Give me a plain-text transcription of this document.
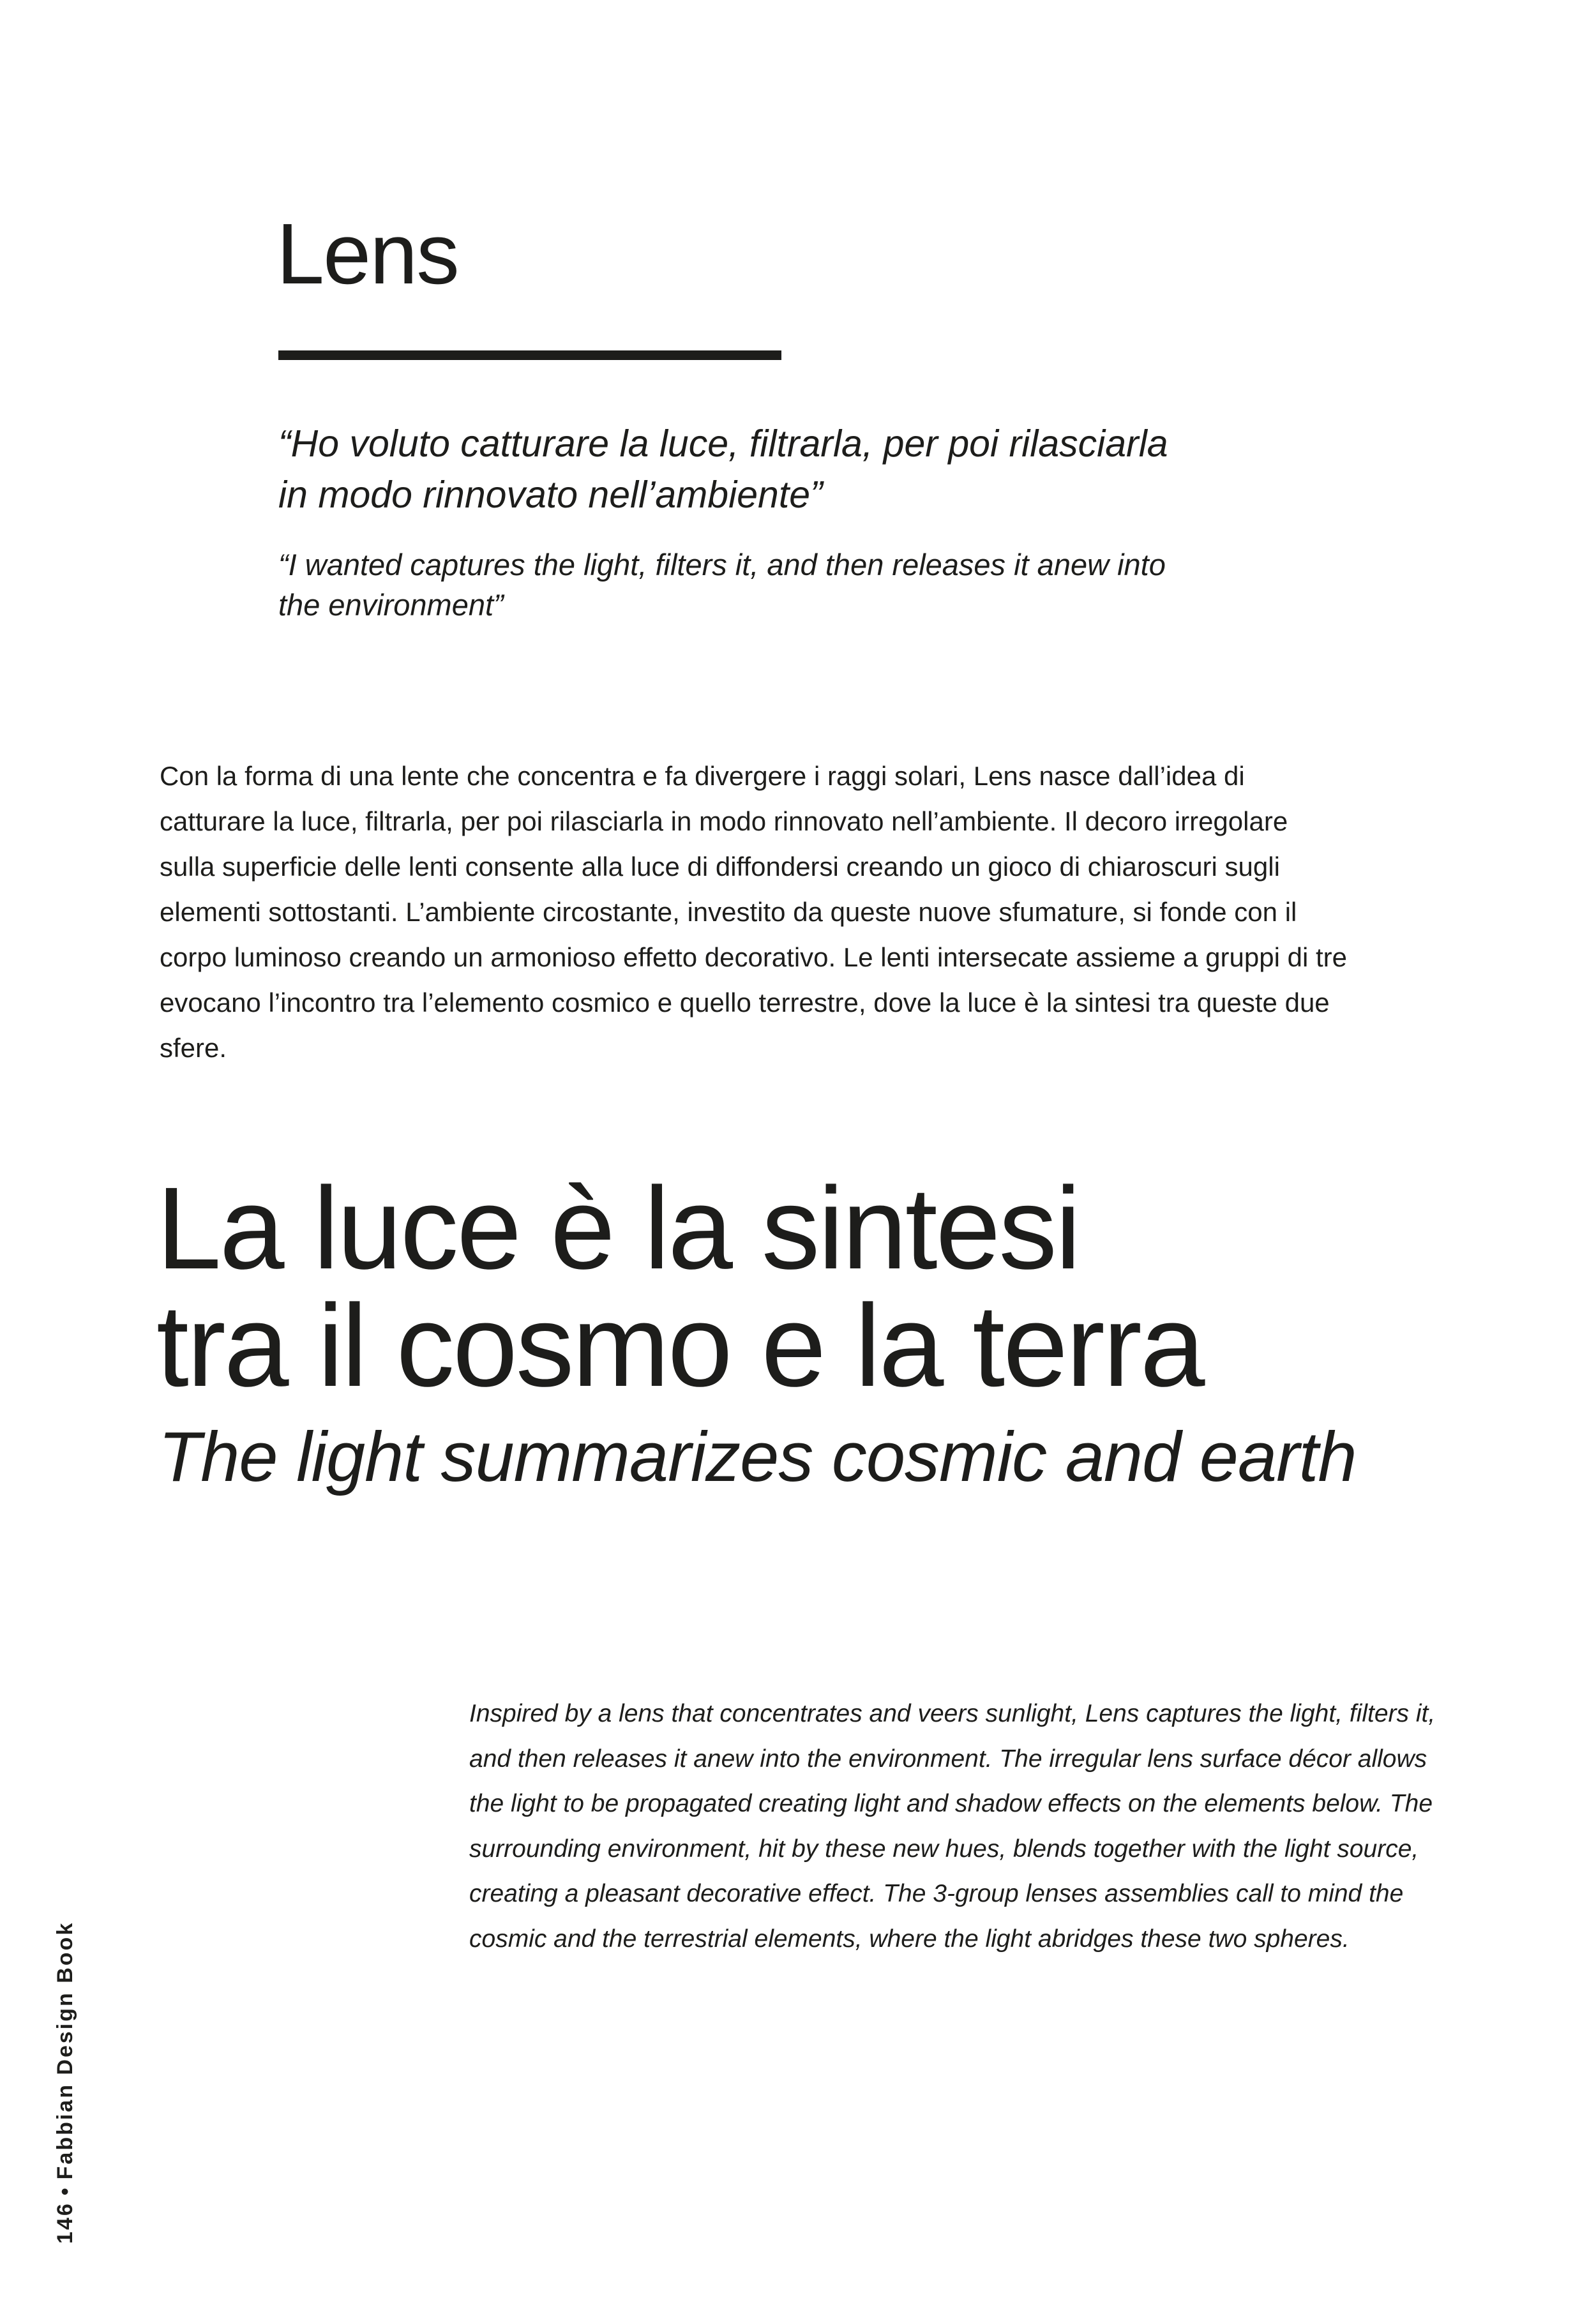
Lens

“Ho voluto catturare la luce, filtrarla, per poi rilasciarla in modo rinnovato nell’ambiente”

“I wanted captures the light, filters it, and then releases it anew into the environment”

Con la forma di una lente che concentra e fa divergere i raggi solari, Lens nasce dall’idea di catturare la luce, filtrarla, per poi rilasciarla in modo rinnovato nell’ambiente. Il decoro irregolare sulla superficie delle lenti consente alla luce di diffondersi creando un gioco di chiaroscuri sugli elementi sottostanti. L’ambiente circostante, investito da queste nuove sfumature, si fonde con il corpo luminoso creando un armonioso effetto decorativo. Le lenti intersecate assieme a gruppi di tre evocano l’incontro tra l’elemento cosmico e quello terrestre, dove la luce è la sintesi tra queste due sfere.

La luce è la sintesi
tra il cosmo e la terra

The light summarizes cosmic and earth

Inspired by a lens that concentrates and veers sunlight, Lens captures the light, filters it, and then releases it anew into the environment. The irregular lens surface décor allows the light to be propagated creating light and shadow effects on the elements below. The surrounding environment, hit by these new hues, blends together with the light source, creating a pleasant decorative effect. The 3-group lenses assemblies call to mind the cosmic and the terrestrial elements, where the light abridges these two spheres.

146•Fabbian Design Book
